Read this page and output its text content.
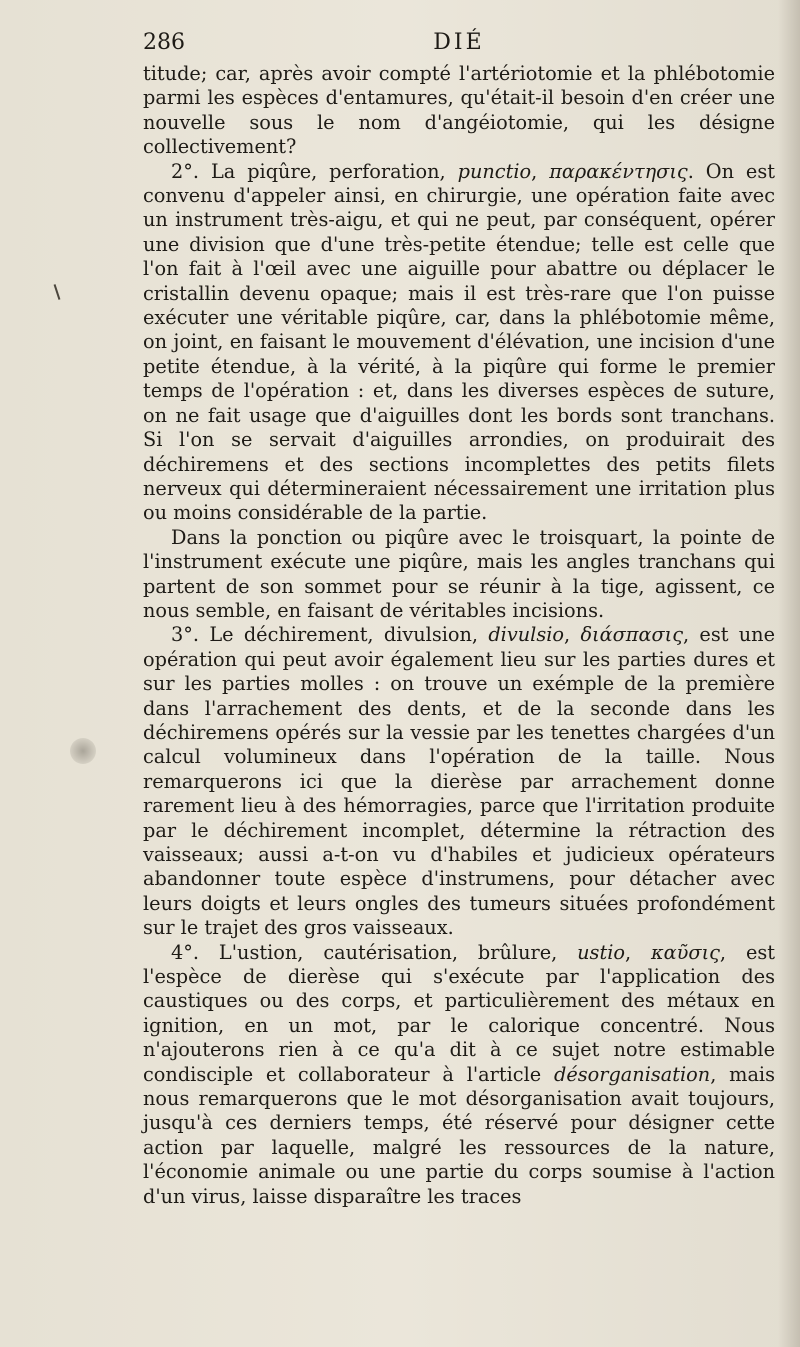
286	DIÉ

titude; car, après avoir compté l'artériotomie et la phlébotomie parmi les espèces d'entamures, qu'était-il besoin d'en créer une nouvelle sous le nom d'angéiotomie, qui les désigne collectivement?

2°. La piqûre, perforation, punctio, παρακέντησις. On est convenu d'appeler ainsi, en chirurgie, une opération faite avec un instrument très-aigu, et qui ne peut, par conséquent, opérer une division que d'une très-petite étendue; telle est celle que l'on fait à l'œil avec une aiguille pour abattre ou déplacer le cristallin devenu opaque; mais il est très-rare que l'on puisse exécuter une véritable piqûre, car, dans la phlébotomie même, on joint, en faisant le mouvement d'élévation, une incision d'une petite étendue, à la vérité, à la piqûre qui forme le premier temps de l'opération : et, dans les diverses espèces de suture, on ne fait usage que d'aiguilles dont les bords sont tranchans. Si l'on se servait d'aiguilles arrondies, on produirait des déchiremens et des sections incomplettes des petits filets nerveux qui détermineraient nécessairement une irritation plus ou moins considérable de la partie.

Dans la ponction ou piqûre avec le troisquart, la pointe de l'instrument exécute une piqûre, mais les angles tranchans qui partent de son sommet pour se réunir à la tige, agissent, ce nous semble, en faisant de véritables incisions.

3°. Le déchirement, divulsion, divulsio, διάσπασις, est une opération qui peut avoir également lieu sur les parties dures et sur les parties molles : on trouve un exémple de la première dans l'arrachement des dents, et de la seconde dans les déchiremens opérés sur la vessie par les tenettes chargées d'un calcul volumineux dans l'opération de la taille. Nous remarquerons ici que la dierèse par arrachement donne rarement lieu à des hémorragies, parce que l'irritation produite par le déchirement incomplet, détermine la rétraction des vaisseaux; aussi a-t-on vu d'habiles et judicieux opérateurs abandonner toute espèce d'instrumens, pour détacher avec leurs doigts et leurs ongles des tumeurs situées profondément sur le trajet des gros vaisseaux.

4°. L'ustion, cautérisation, brûlure, ustio, καῦσις, est l'espèce de dierèse qui s'exécute par l'application des caustiques ou des corps, et particulièrement des métaux en ignition, en un mot, par le calorique concentré. Nous n'ajouterons rien à ce qu'a dit à ce sujet notre estimable condisciple et collaborateur à l'article désorganisation, mais nous remarquerons que le mot désorganisation avait toujours, jusqu'à ces derniers temps, été réservé pour désigner cette action par laquelle, malgré les ressources de la nature, l'économie animale ou une partie du corps soumise à l'action d'un virus, laisse disparaître les traces
